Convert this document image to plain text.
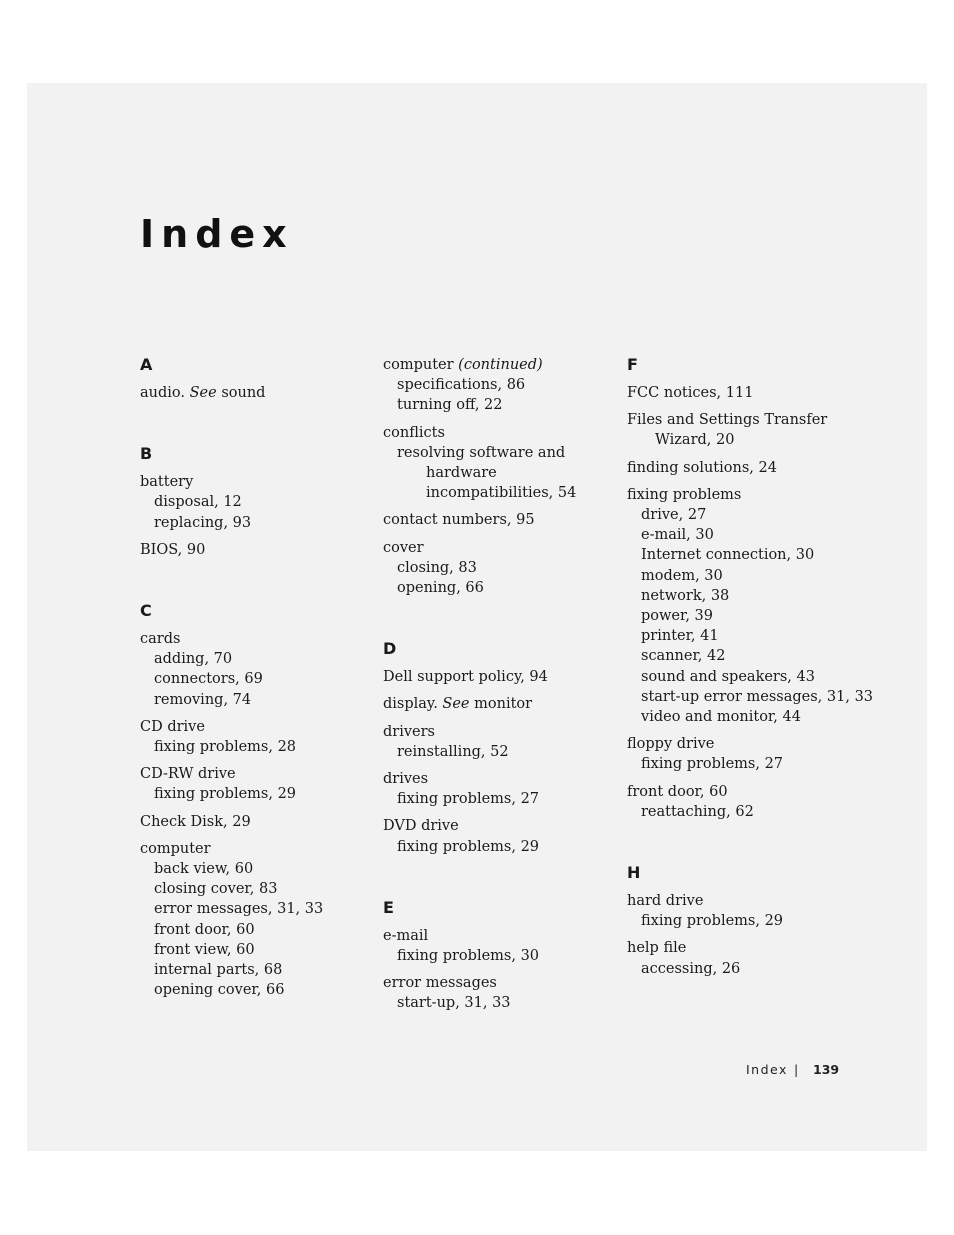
Index
A
audio. See sound
B
battery
disposal, 12
replacing, 93
BIOS, 90
C
cards
adding, 70
connectors, 69
removing, 74
CD drive
fixing problems, 28
CD-RW drive
fixing problems, 29
Check Disk, 29
computer
back view, 60
closing cover, 83
error messages, 31, 33
front door, 60
front view, 60
internal parts, 68
opening cover, 66
computer (continued)
specifications, 86
turning off, 22
conflicts
resolving software and
hardware
incompatibilities, 54
contact numbers, 95
cover
closing, 83
opening, 66
D
Dell support policy, 94
display. See monitor
drivers
reinstalling, 52
drives
fixing problems, 27
DVD drive
fixing problems, 29
E
e-mail
fixing problems, 30
error messages
start-up, 31, 33
F
FCC notices, 111
Files and Settings Transfer
Wizard, 20
finding solutions, 24
fixing problems
drive, 27
e-mail, 30
Internet connection, 30
modem, 30
network, 38
power, 39
printer, 41
scanner, 42
sound and speakers, 43
start-up error messages, 31, 33
video and monitor, 44
floppy drive
fixing problems, 27
front door, 60
reattaching, 62
H
hard drive
fixing problems, 29
help file
accessing, 26
Index | 139
